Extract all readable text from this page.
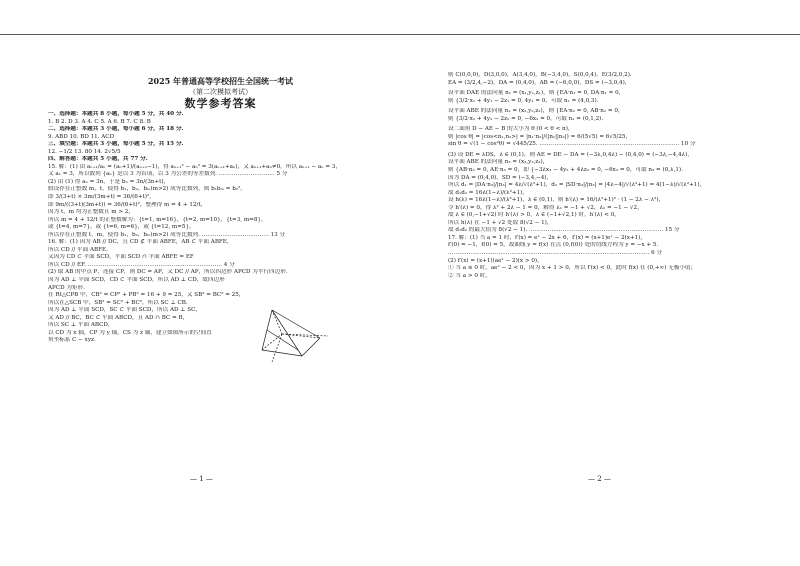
2025 年普通高等学校招生全国统一考试
（第二次模拟考试）
数学参考答案
一、选择题：本题共 8 小题，每小题 5 分，共 40 分.
1. B 2. D 3. A 4. C 5. A 6. B 7. C 8. B
二、选择题：本题共 3 小题，每小题 6 分，共 18 分.
9. ABD 10. BD 11. ACD
三、填空题：本题共 3 小题，每小题 5 分，共 15 分.
12. −1/2 13. 80 14. 2√5/5
四、解答题：本题共 5 小题，共 77 分.
15. 解：(1) 由 aₙ₊₁/aₙ = (aₙ+1)/(aₙ₊₁−1)，得 aₙ₊₁² − aₙ² = 3(aₙ₊₁+aₙ)，又 aₙ₊₁+aₙ≠0，所以 aₙ₊₁ − aₙ = 3，
又 a₁ = 3，所以数列 {aₙ} 是以 3 为首项，以 3 为公差的等差数列. ………………………… 5 分
(2) 由 (1) 得 aₙ = 3n，于是 bₙ = 3n/(3n+t)，
假设存在正整数 m，t，使得 b₁，b₂，bₘ(m>2) 成等比数列，则 b₁bₘ = b₂²，
即 3/(3+t) × 3m/(3m+t) = 36/(6+t)²，
即 9m/((3+t)(3m+t)) = 36/(6+t)²，整理得 m = 4 + 12/t，
因为 t，m 均为正整数且 m > 2，
所以 m = 4 + 12/t 的正整数解为：{t=1, m=16}，{t=2, m=10}，{t=3, m=8}，
或 {t=4, m=7}，或 {t=6, m=6}，或 {t=12, m=5}，
所以存在正整数 t，m，使得 b₁，b₂，bₘ(m>2) 成等比数列. ……………………………… 13 分
16. 解：(1) 因为 AB // DC，且 CD ⊄ 平面 ABFE，AB ⊂ 平面 ABFE，
所以 CD // 平面 ABFE.
又因为 CD ⊂ 平面 SCD，平面 SCD ∩ 平面 ABFE = EF
所以 CD // EF. ……………………………………………………………… 4 分
(2) 取 AB 的中点 P，连接 CP，则 DC = AP，又 DC // AP，所以四边形 APCD 为平行四边形.
因为 AD ⊥ 平面 SCD，CD ⊂ 平面 SCD，所以 AD ⊥ CD，故四边形
APCD 为矩形.
在 Rt△CPB 中，CB² = CP² + PB² = 16 + 9 = 25，又 SB² = BC² = 25，
所以在△SCB 中，SB² = SC² + BC²，所以 SC ⊥ CB.
因为 AD ⊥ 平面 SCD，SC ⊂ 平面 SCD，所以 AD ⊥ SC，
又 AD // BC，BC ⊂ 平面 ABCD，且 AD ∩ BC = B，
所以 SC ⊥ 平面 ABCD，
以 CD 为 x 轴，CP 为 y 轴，CS 为 z 轴，建立如图所示的空间直
角坐标系 C − xyz.
— 1 —
则 C(0,0,0)，D(3,0,0)，A(3,4,0)，B(−3,4,0)，S(0,0,4)，E(3/2,0,2).
EA = (3/2,4,−2)，DA = (0,4,0)，AB = (−6,0,0)，DS = (−3,0,4)，
设平面 DAE 的法向量 n₁ = (x₁,y₁,z₁)，则 {EA·n₁ = 0, DA·n₁ = 0，
则 {3/2·x₁ + 4y₁ − 2z₁ = 0, 4y₁ = 0，可取 n₁ = (4,0,3).
设平面 ABE 的法向量 n₂ = (x₂,y₂,z₂)，则 {EA·n₂ = 0, AB·n₂ = 0，
则 {3/2·x₂ + 4y₂ − 2z₂ = 0, −6x₂ = 0，可取 n₂ = (0,1,2).
设二面角 D − AE − B 的大小为 θ (0 < θ < π)，
则 |cos θ| = |cos<n₁,n₂>| = |n₁·n₂|/(|n₁||n₂|) = 6/(5√5) = 6√5/25，
sin θ = √(1 − cos²θ) = √445/25. ………………………………………………………………… 10 分
(3) 设 DE = λDS，λ ∈ (0,1)，则 AE = DE − DA = (−3λ,0,4λ) − (0,4,0) = (−3λ,−4,4λ)，
设平面 ABE 的法向量 n₃ = (x₃,y₃,z₃)，
则 {AB·n₃ = 0, AE·n₃ = 0，即 {−3λx₃ − 4y₃ + 4λz₃ = 0, −6x₃ = 0，可取 n₃ = (0,λ,1).
因为 DA = (0,4,0)，SD = (−3,4,−4)，
所以 d₁ = |DA·n₃|/|n₃| = 4λ/√(λ²+1)，d₂ = |SD·n₃|/|n₃| = |4λ−4|/√(λ²+1) = 4(1−λ)/√(λ²+1)，
故 d₁d₂ = 16λ(1−λ)/(λ²+1)，
设 h(λ) = 16λ(1−λ)/(λ²+1)，λ ∈ (0,1)，则 h′(λ) = 16/(λ²+1)² · (1 − 2λ − λ²)，
令 h′(λ) = 0，得 λ² + 2λ − 1 = 0，解得 λ₁ = −1 + √2，λ₂ = −1 − √2，
故 λ ∈ (0,−1+√2) 时 h′(λ) > 0，λ ∈ (−1+√2,1) 时，h′(λ) < 0，
所以 h(λ) 在 −1 + √2 处取 8(√2 − 1)，
故 d₁d₂ 的最大值为 8(√2 − 1). ……………………………………………………………… 15 分
17. 解：(1) 当 a = 1 时，f′(x) = eˣ − 2x + 6，f′(x) = (x+1)eˣ − 2(x+1)，
f′(0) = −1，f(0) = 5，故曲线 y = f(x) 在点 (0,f(0)) 处的切线方程为 y = −x + 5.
……………………………………………………………………………………………… 6 分
(2) f′(x) = (x+1)(aeˣ − 2)(x > 0)，
① 当 a ≤ 0 时，aeˣ − 2 < 0，因为 x + 1 > 0，所以 f′(x) < 0，此时 f(x) 在 (0,+∞) 无极小值；
② 当 a > 0 时，
— 2 —
